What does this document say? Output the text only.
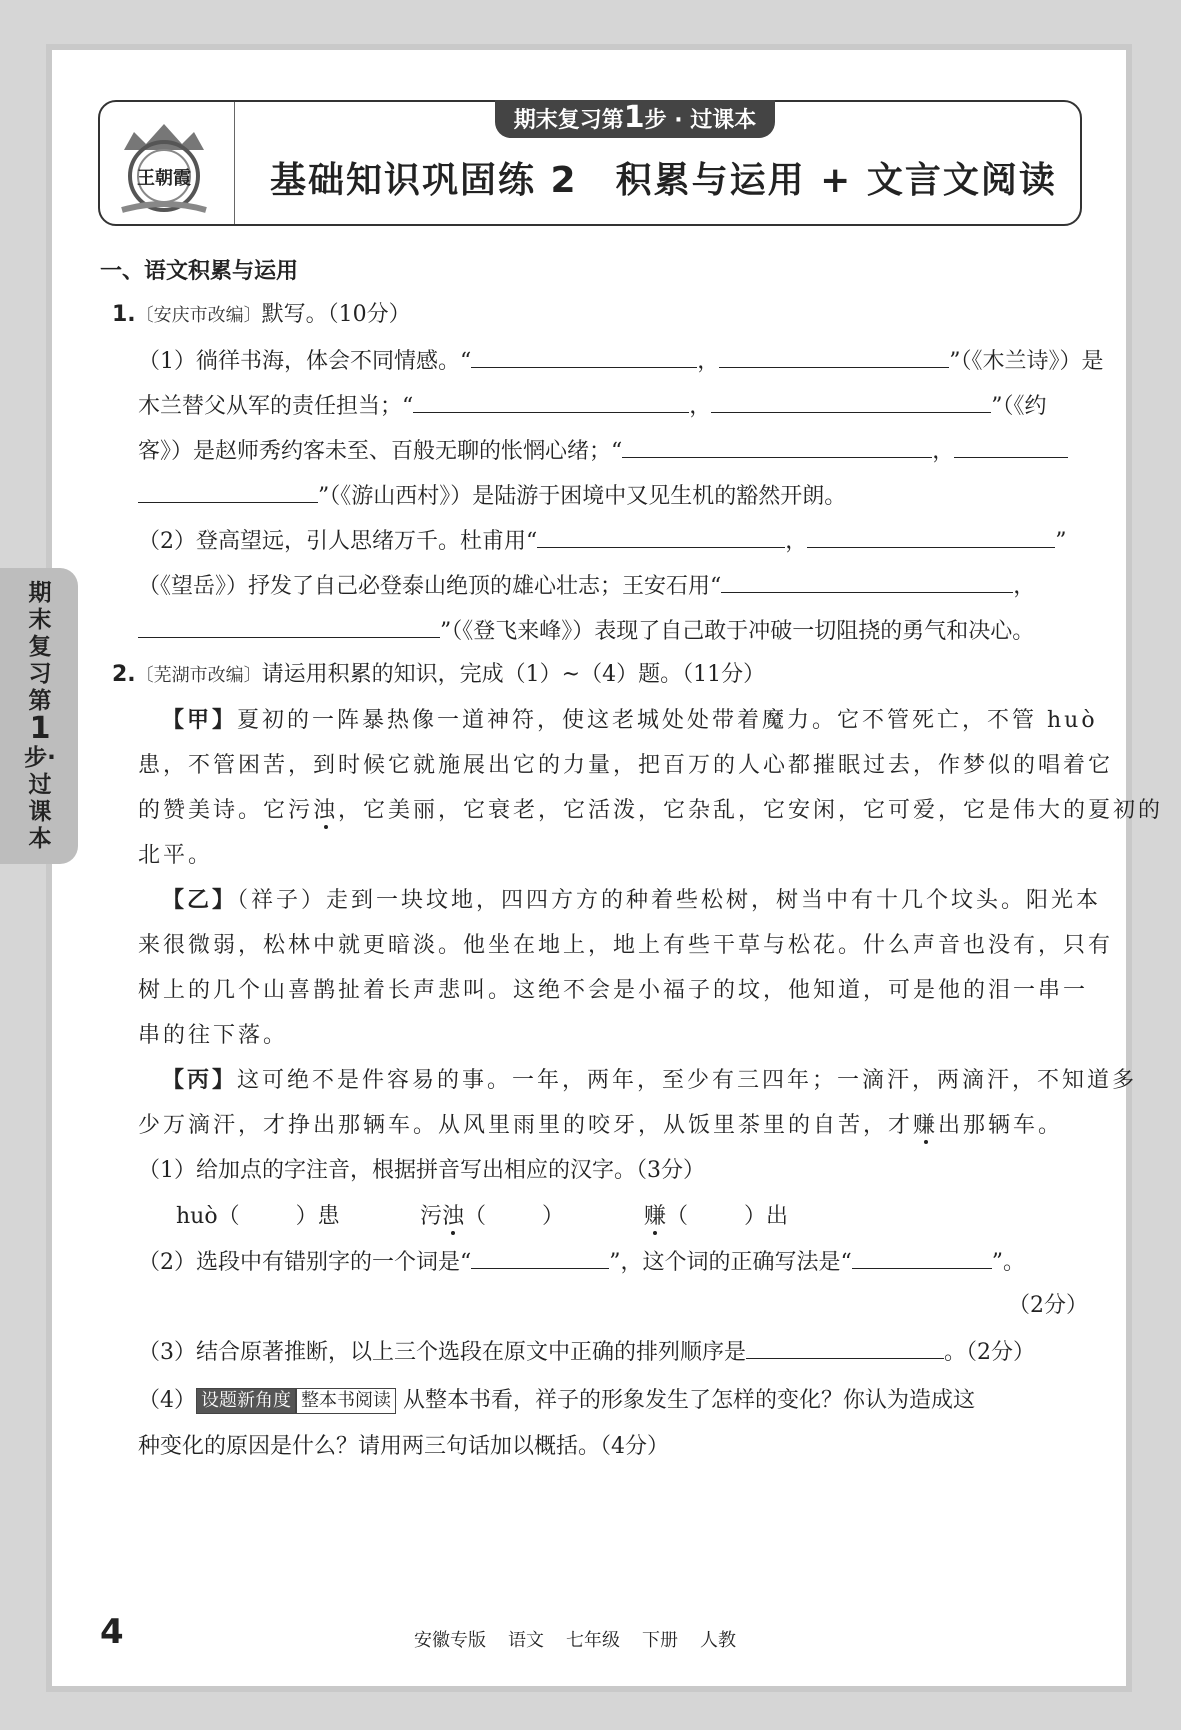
王朝霞
期末复习第1步 · 过课本
基础知识巩固练 2　积累与运用 + 文言文阅读
期末复习第
1
步·过课本
一、语文积累与运用
1.〔安庆市改编〕默写。（10分）
（1）徜徉书海，体会不同情感。“	，	”（《木兰诗》）是
木兰替父从军的责任担当；“	，	”（《约
客》）是赵师秀约客未至、百般无聊的怅惘心绪；“	，
”（《游山西村》）是陆游于困境中又见生机的豁然开朗。
（2）登高望远，引人思绪万千。杜甫用“	，	”
（《望岳》）抒发了自己必登泰山绝顶的雄心壮志；王安石用“	，
”（《登飞来峰》）表现了自己敢于冲破一切阻挠的勇气和决心。
2.〔芜湖市改编〕请运用积累的知识，完成（1）~（4）题。（11分）
【甲】夏初的一阵暴热像一道神符，使这老城处处带着魔力。它不管死亡，不管 huò
患，不管困苦，到时候它就施展出它的力量，把百万的人心都摧眠过去，作梦似的唱着它
的赞美诗。它污浊，它美丽，它衰老，它活泼，它杂乱，它安闲，它可爱，它是伟大的夏初的
北平。
【乙】（祥子）走到一块坟地，四四方方的种着些松树，树当中有十几个坟头。阳光本
来很微弱，松林中就更暗淡。他坐在地上，地上有些干草与松花。什么声音也没有，只有
树上的几个山喜鹊扯着长声悲叫。这绝不会是小福子的坟，他知道，可是他的泪一串一
串的往下落。
【丙】这可绝不是件容易的事。一年，两年，至少有三四年；一滴汗，两滴汗，不知道多
少万滴汗，才挣出那辆车。从风里雨里的咬牙，从饭里茶里的自苦，才赚出那辆车。
（1）给加点的字注音，根据拼音写出相应的汉字。（3分）
huò（	）患	污浊（	）	赚（	）出
（2）选段中有错别字的一个词是“	”，这个词的正确写法是“	”。
（2分）
（3）结合原著推断，以上三个选段在原文中正确的排列顺序是	。（2分）
（4） 设题新角度 整本书阅读 从整本书看，祥子的形象发生了怎样的变化？你认为造成这
种变化的原因是什么？请用两三句话加以概括。（4分）
4	安徽专版 语文 七年级 下册 人教
